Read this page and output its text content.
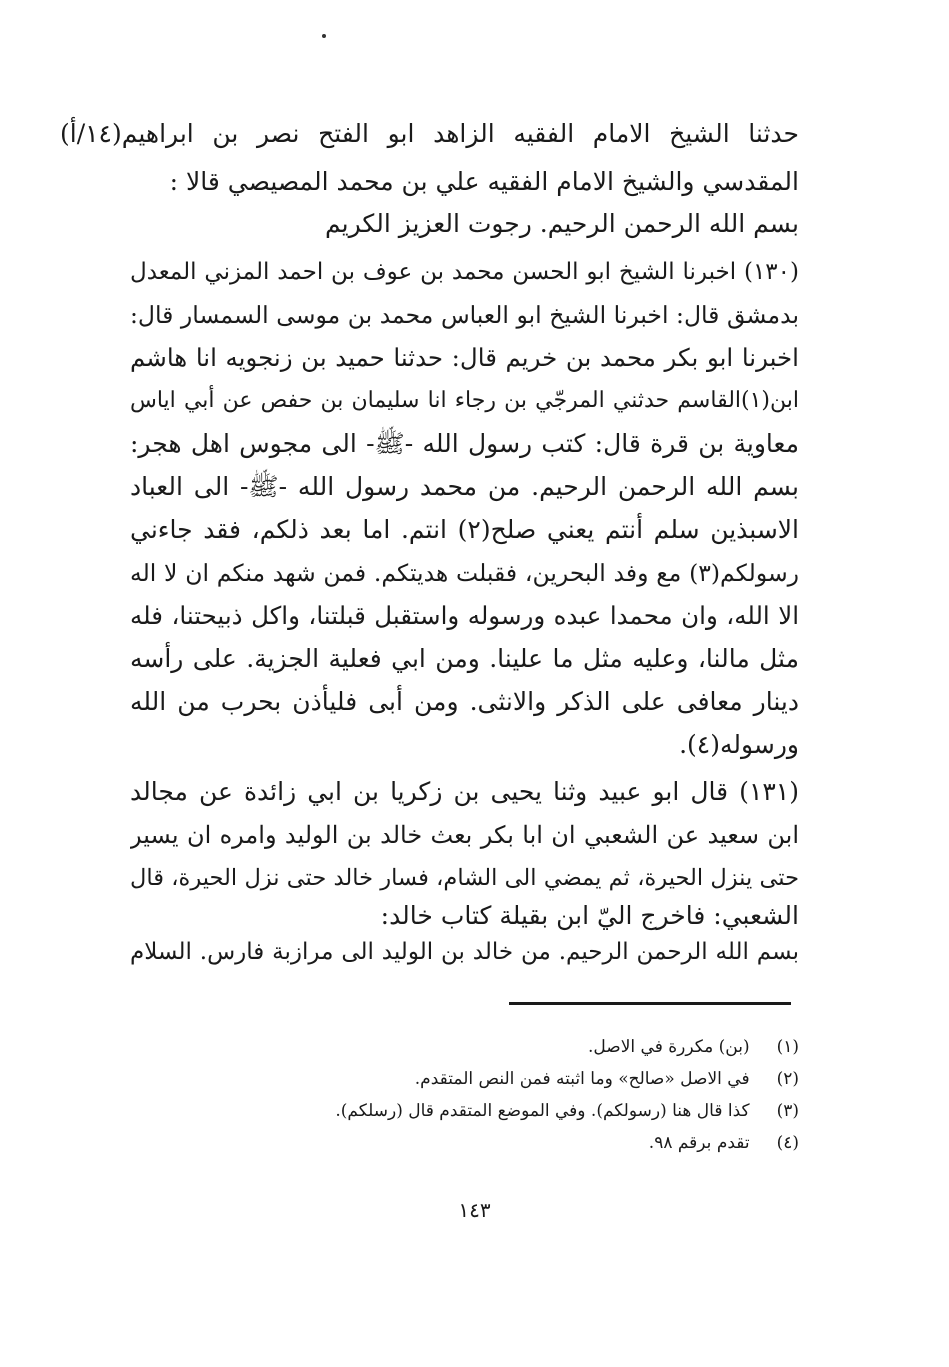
حدثنا الشيخ الامام الفقيه الزاهد ابو الفتح نصر بن ابراهيم(١٤/أ)
المقدسي والشيخ الامام الفقيه علي بن محمد المصيصي قالا :
بسم الله الرحمن الرحيم. رجوت العزيز الكريم
(١٣٠) اخبرنا الشيخ ابو الحسن محمد بن عوف بن احمد المزني المعدل
بدمشق قال: اخبرنا الشيخ ابو العباس محمد بن موسى السمسار قال:
اخبرنا ابو بكر محمد بن خريم قال: حدثنا حميد بن زنجويه انا هاشم
ابن(١)القاسم حدثني المرجّي بن رجاء انا سليمان بن حفص عن أبي اياس
معاوية بن قرة قال: كتب رسول الله -ﷺ- الى مجوس اهل هجر:
بسم الله الرحمن الرحيم. من محمد رسول الله -ﷺ- الى العباد
الاسبذين سلم أنتم يعني صلح(٢) انتم. اما بعد ذلكم، فقد جاءني
رسولكم(٣) مع وفد البحرين، فقبلت هديتكم. فمن شهد منكم ان لا اله
الا الله، وان محمدا عبده ورسوله واستقبل قبلتنا، واكل ذبيحتنا، فله
مثل مالنا، وعليه مثل ما علينا. ومن ابي فعلية الجزية. على رأسه
دينار معافى على الذكر والانثى. ومن أبى فليأذن بحرب من الله
ورسوله(٤).
(١٣١) قال ابو عبيد وثنا يحيى بن زكريا بن ابي زائدة عن مجالد
ابن سعيد عن الشعبي ان ابا بكر بعث خالد بن الوليد وامره ان يسير
حتى ينزل الحيرة، ثم يمضي الى الشام، فسار خالد حتى نزل الحيرة، قال
الشعبي: فاخرج اليّ ابن بقيلة كتاب خالد:
بسم الله الرحمن الرحيم. من خالد بن الوليد الى مرازبة فارس. السلام
(١) (بن) مكررة في الاصل.
(٢) في الاصل «صالح» وما اثبته فمن النص المتقدم.
(٣) كذا قال هنا (رسولكم). وفي الموضع المتقدم قال (رسلكم).
(٤) تقدم برقم ٩٨.
١٤٣
